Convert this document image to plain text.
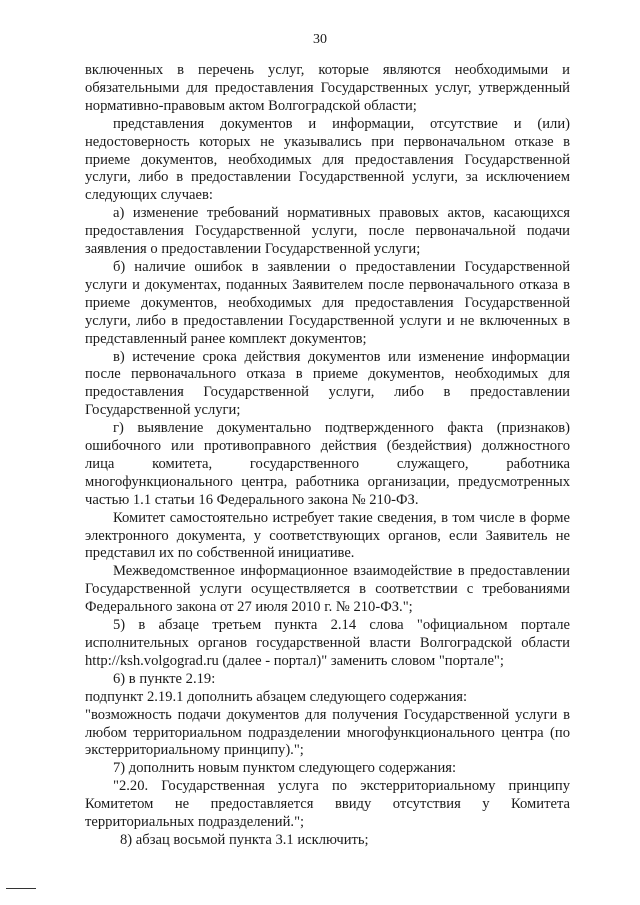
30

включенных в перечень услуг, которые являются необходимыми и обязательными для предоставления Государственных услуг, утвержденный нормативно-правовым актом Волгоградской области;

представления документов и информации, отсутствие и (или) недостоверность которых не указывались при первоначальном отказе в приеме документов, необходимых для предоставления Государственной услуги, либо в предоставлении Государственной услуги, за исключением следующих случаев:

а) изменение требований нормативных правовых актов, касающихся предоставления Государственной услуги, после первоначальной подачи заявления о предоставлении Государственной услуги;

б) наличие ошибок в заявлении о предоставлении Государственной услуги и документах, поданных Заявителем после первоначального отказа в приеме документов, необходимых для предоставления Государственной услуги, либо в предоставлении Государственной услуги и не включенных в представленный ранее комплект документов;

в) истечение срока действия документов или изменение информации после первоначального отказа в приеме документов, необходимых для предоставления Государственной услуги, либо в предоставлении Государственной услуги;

г) выявление документально подтвержденного факта (признаков) ошибочного или противоправного действия (бездействия) должностного лица комитета, государственного служащего, работника многофункционального центра, работника организации, предусмотренных частью 1.1 статьи 16 Федерального закона № 210-ФЗ.

Комитет самостоятельно истребует такие сведения, в том числе в форме электронного документа, у соответствующих органов, если Заявитель не представил их по собственной инициативе.

Межведомственное информационное взаимодействие в предоставлении Государственной услуги осуществляется в соответствии с требованиями Федерального закона от 27 июля 2010 г. № 210-ФЗ.";

5) в абзаце третьем пункта 2.14 слова "официальном портале исполнительных органов государственной власти Волгоградской области http://ksh.volgograd.ru (далее - портал)" заменить словом "портале";

6) в пункте 2.19:

подпункт 2.19.1 дополнить абзацем следующего содержания:

"возможность подачи документов для получения Государственной услуги в любом территориальном подразделении многофункционального центра (по экстерриториальному принципу).";

7) дополнить новым пунктом следующего содержания:

"2.20. Государственная услуга по экстерриториальному принципу Комитетом не предоставляется ввиду отсутствия у Комитета территориальных подразделений.";

8) абзац восьмой пункта 3.1 исключить;
